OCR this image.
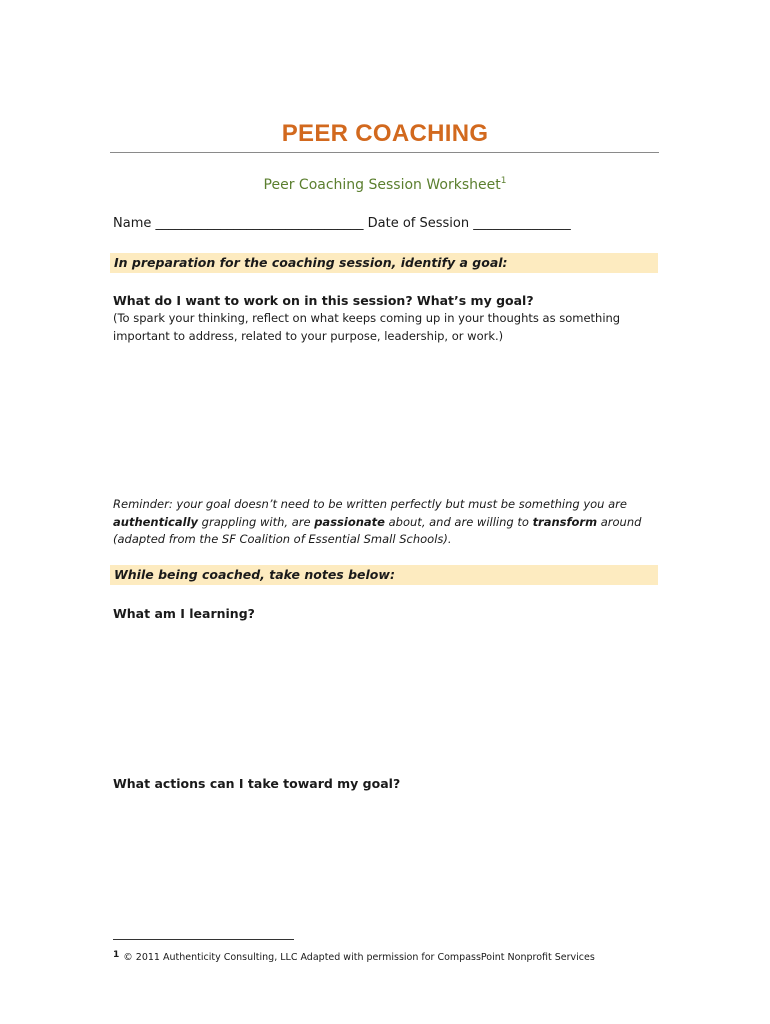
PEER COACHING
Peer Coaching Session Worksheet$^1$
Name ________________________________ Date of Session _______________
In preparation for the coaching session, identify a goal:
What do I want to work on in this session? What’s my goal?
(To spark your thinking, reflect on what keeps coming up in your thoughts as something
important to address, related to your purpose, leadership, or work.)
Reminder: your goal doesn’t need to be written perfectly but must be something you are
authentically grappling with, are passionate about, and are willing to transform around
(adapted from the SF Coalition of Essential Small Schools).
While being coached, take notes below:
What am I learning?
What actions can I take toward my goal?
$^1$ © 2011 Authenticity Consulting, LLC Adapted with permission for CompassPoint Nonprofit Services
